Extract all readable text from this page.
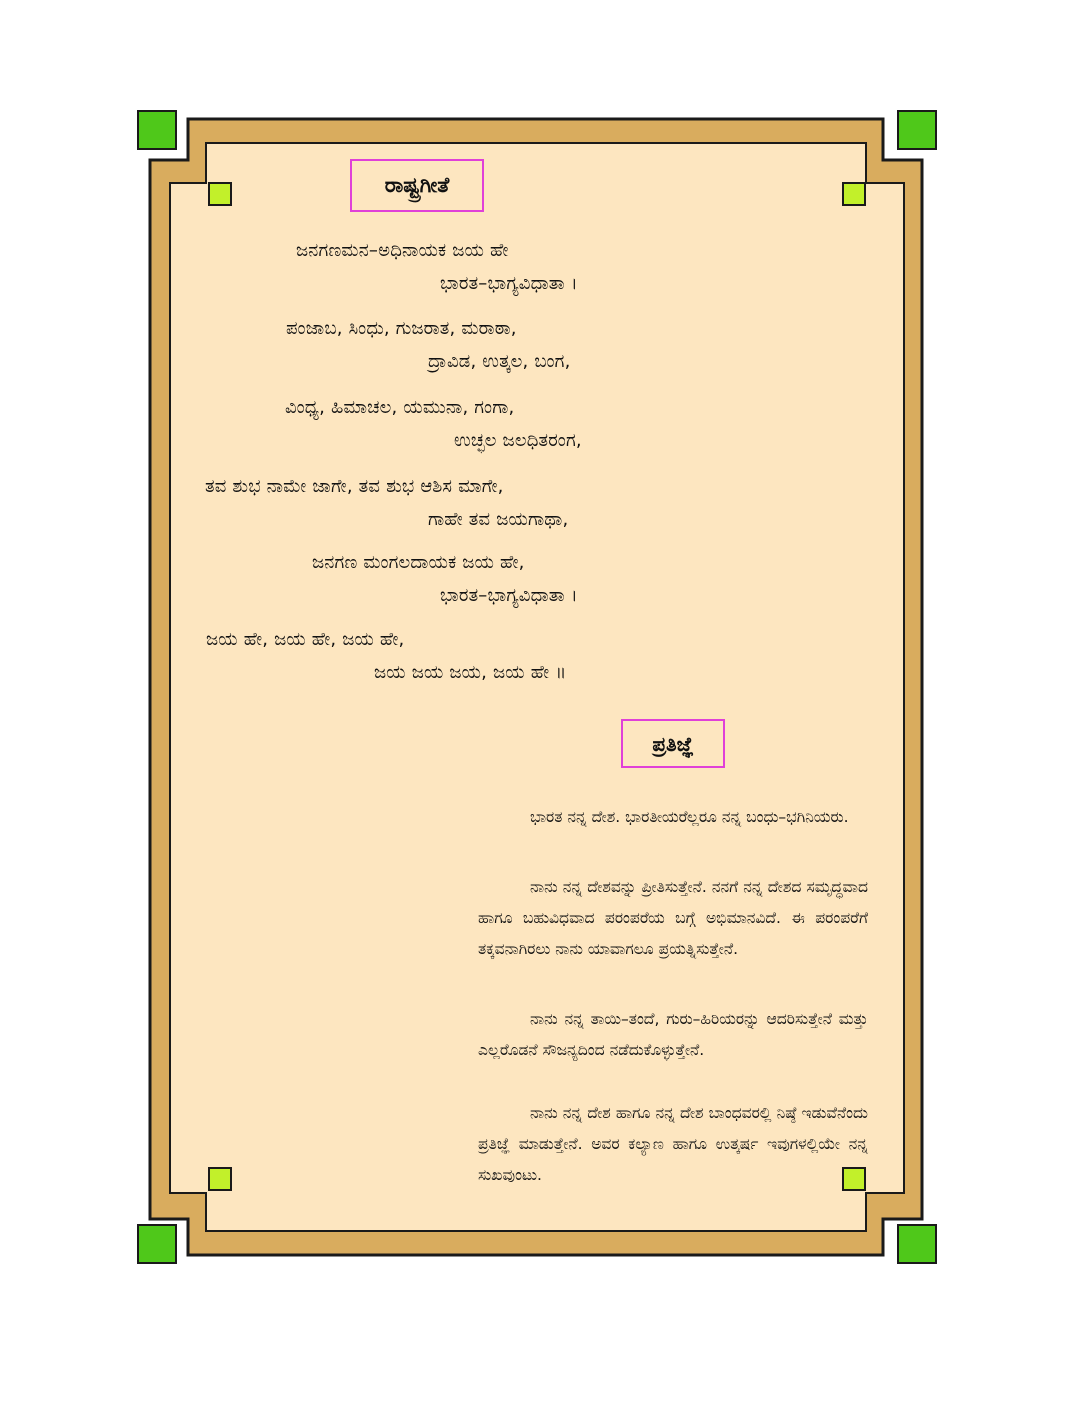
ರಾಷ್ಟ್ರಗೀತೆ
ಜನಗಣಮನ–ಅಧಿನಾಯಕ ಜಯ ಹೇ
ಭಾರತ–ಭಾಗ್ಯವಿಧಾತಾ ।
ಪಂಜಾಬ, ಸಿಂಧು, ಗುಜರಾತ, ಮರಾಠಾ,
ದ್ರಾವಿಡ, ಉತ್ಕಲ, ಬಂಗ,
ವಿಂಧ್ಯ, ಹಿಮಾಚಲ, ಯಮುನಾ, ಗಂಗಾ,
ಉಚ್ಛಲ ಜಲಧಿತರಂಗ,
ತವ ಶುಭ ನಾಮೇ ಜಾಗೇ, ತವ ಶುಭ ಆಶಿಸ ಮಾಗೇ,
ಗಾಹೇ ತವ ಜಯಗಾಥಾ,
ಜನಗಣ ಮಂಗಲದಾಯಕ ಜಯ ಹೇ,
ಭಾರತ–ಭಾಗ್ಯವಿಧಾತಾ ।
ಜಯ ಹೇ, ಜಯ ಹೇ, ಜಯ ಹೇ,
ಜಯ ಜಯ ಜಯ, ಜಯ ಹೇ ॥
ಪ್ರತಿಜ್ಞೆ
ಭಾರತ ನನ್ನ ದೇಶ. ಭಾರತೀಯರೆಲ್ಲರೂ ನನ್ನ ಬಂಧು–ಭಗಿನಿಯರು.
ನಾನು ನನ್ನ ದೇಶವನ್ನು ಪ್ರೀತಿಸುತ್ತೇನೆ. ನನಗೆ ನನ್ನ ದೇಶದ ಸಮೃದ್ಧವಾದ ಹಾಗೂ ಬಹುವಿಧವಾದ ಪರಂಪರೆಯ ಬಗ್ಗೆ ಅಭಿಮಾನವಿದೆ. ಈ ಪರಂಪರೆಗೆ ತಕ್ಕವನಾಗಿರಲು ನಾನು ಯಾವಾಗಲೂ ಪ್ರಯತ್ನಿಸುತ್ತೇನೆ.
ನಾನು ನನ್ನ ತಾಯಿ–ತಂದೆ, ಗುರು–ಹಿರಿಯರನ್ನು ಆದರಿಸುತ್ತೇನೆ ಮತ್ತು ಎಲ್ಲರೊಡನೆ ಸೌಜನ್ಯದಿಂದ ನಡೆದುಕೊಳ್ಳುತ್ತೇನೆ.
ನಾನು ನನ್ನ ದೇಶ ಹಾಗೂ ನನ್ನ ದೇಶ ಬಾಂಧವರಲ್ಲಿ ನಿಷ್ಠೆ ಇಡುವೆನೆಂದು ಪ್ರತಿಜ್ಞೆ ಮಾಡುತ್ತೇನೆ. ಅವರ ಕಲ್ಯಾಣ ಹಾಗೂ ಉತ್ಕರ್ಷ ಇವುಗಳಲ್ಲಿಯೇ ನನ್ನ ಸುಖವುಂಟು.
